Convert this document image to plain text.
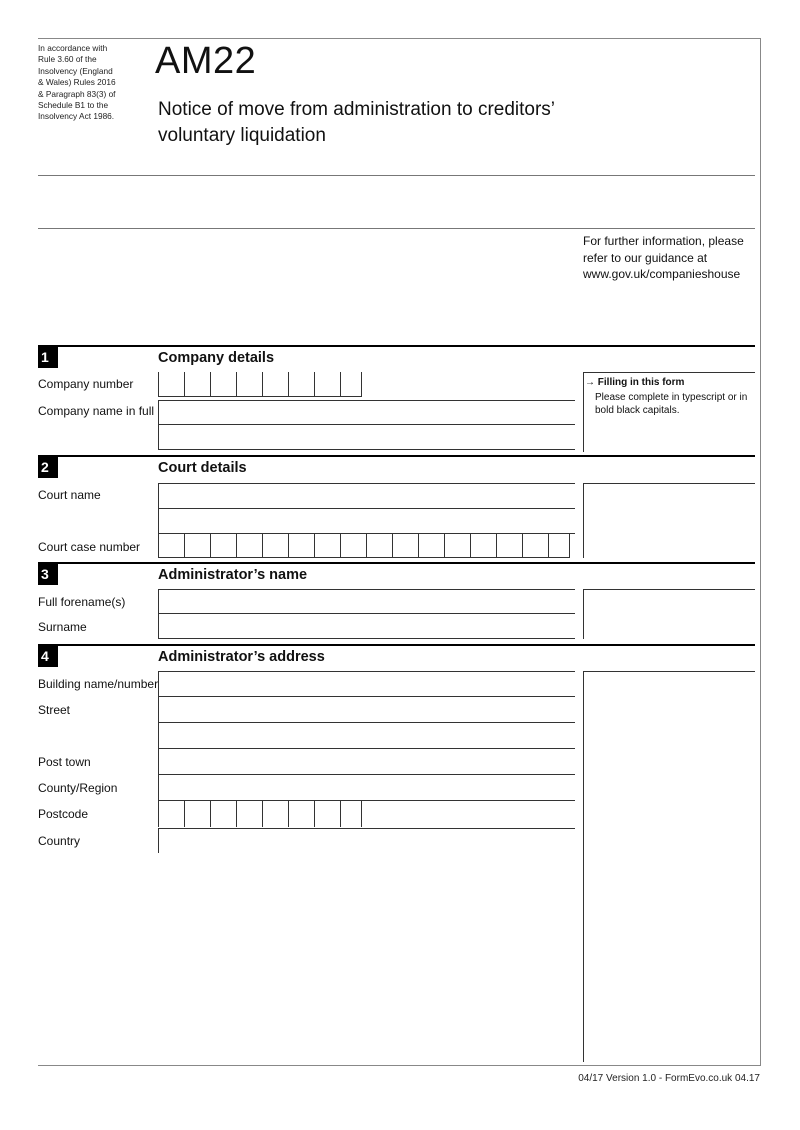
In accordance with
Rule 3.60 of the
Insolvency (England
& Wales) Rules 2016
& Paragraph 83(3) of
Schedule B1 to the
Insolvency Act 1986.
AM22
Notice of move from administration to creditors’ voluntary liquidation
For further information, please refer to our guidance at www.gov.uk/companieshouse
1	Company details
Company number
Company name in full
→ Filling in this form
Please complete in typescript or in bold black capitals.
2	Court details
Court name
Court case number
3	Administrator’s name
Full forename(s)
Surname
4	Administrator’s address
Building name/number
Street
Post town
County/Region
Postcode
Country
04/17 Version 1.0 - FormEvo.co.uk 04.17
